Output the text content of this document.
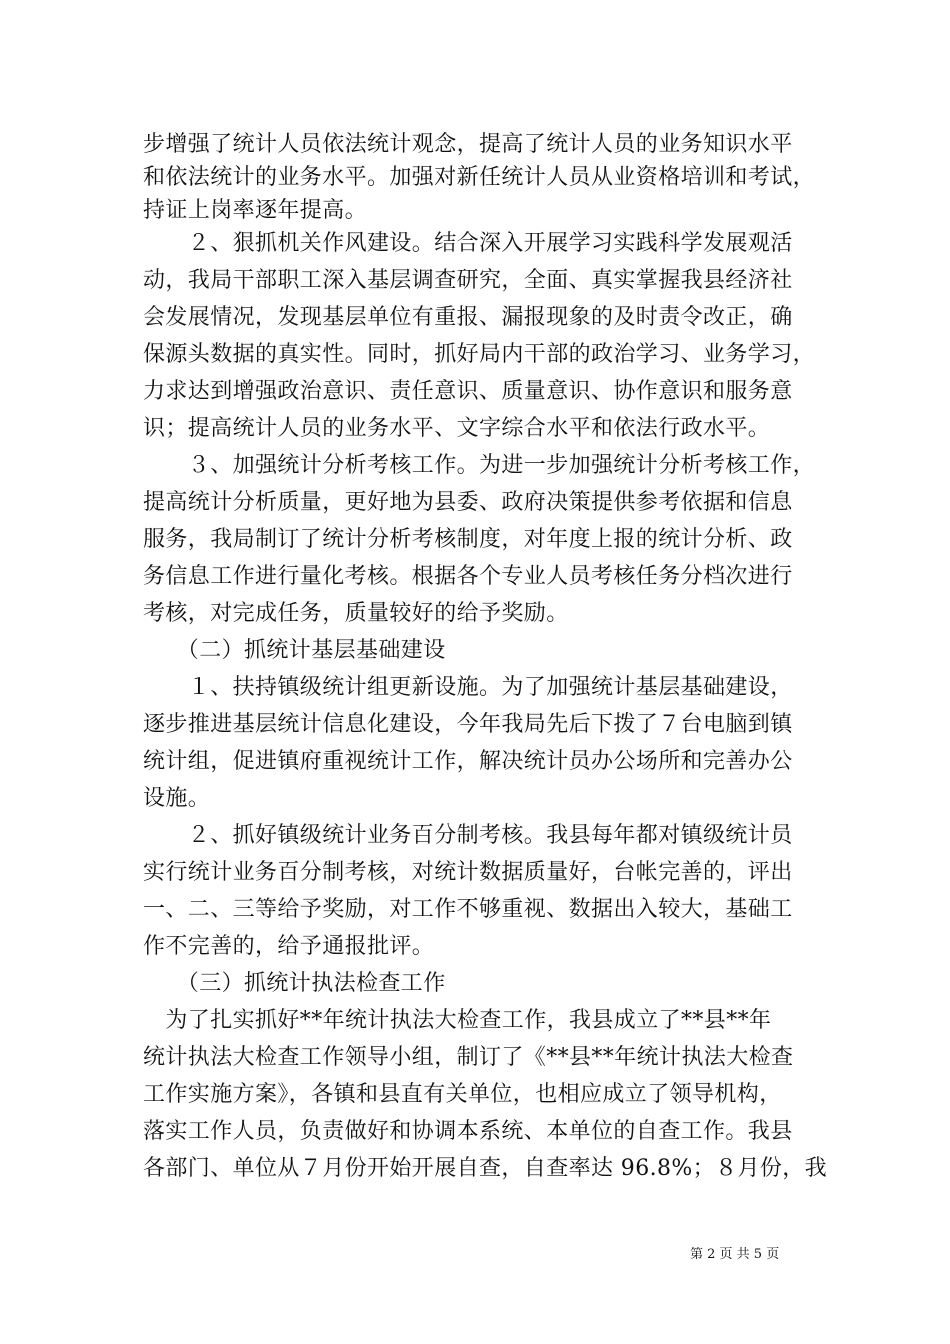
步增强了统计人员依法统计观念，提高了统计人员的业务知识水平
和依法统计的业务水平。加强对新任统计人员从业资格培训和考试，
持证上岗率逐年提高。
　　２、狠抓机关作风建设。结合深入开展学习实践科学发展观活
动，我局干部职工深入基层调查研究，全面、真实掌握我县经济社
会发展情况，发现基层单位有重报、漏报现象的及时责令改正，确
保源头数据的真实性。同时，抓好局内干部的政治学习、业务学习，
力求达到增强政治意识、责任意识、质量意识、协作意识和服务意
识；提高统计人员的业务水平、文字综合水平和依法行政水平。
　　３、加强统计分析考核工作。为进一步加强统计分析考核工作，
提高统计分析质量，更好地为县委、政府决策提供参考依据和信息
服务，我局制订了统计分析考核制度，对年度上报的统计分析、政
务信息工作进行量化考核。根据各个专业人员考核任务分档次进行
考核，对完成任务，质量较好的给予奖励。
　　（二）抓统计基层基础建设
　　１、扶持镇级统计组更新设施。为了加强统计基层基础建设，
逐步推进基层统计信息化建设，今年我局先后下拨了７台电脑到镇
统计组，促进镇府重视统计工作，解决统计员办公场所和完善办公
设施。
　　２、抓好镇级统计业务百分制考核。我县每年都对镇级统计员
实行统计业务百分制考核，对统计数据质量好，台帐完善的，评出
一、二、三等给予奖励，对工作不够重视、数据出入较大，基础工
作不完善的，给予通报批评。
　　（三）抓统计执法检查工作
　为了扎实抓好**年统计执法大检查工作，我县成立了**县**年
统计执法大检查工作领导小组，制订了《**县**年统计执法大检查
工作实施方案》，各镇和县直有关单位，也相应成立了领导机构，
落实工作人员，负责做好和协调本系统、本单位的自查工作。我县
各部门、单位从７月份开始开展自查，自查率达 96.8%；８月份，我
第 2 页 共 5 页
